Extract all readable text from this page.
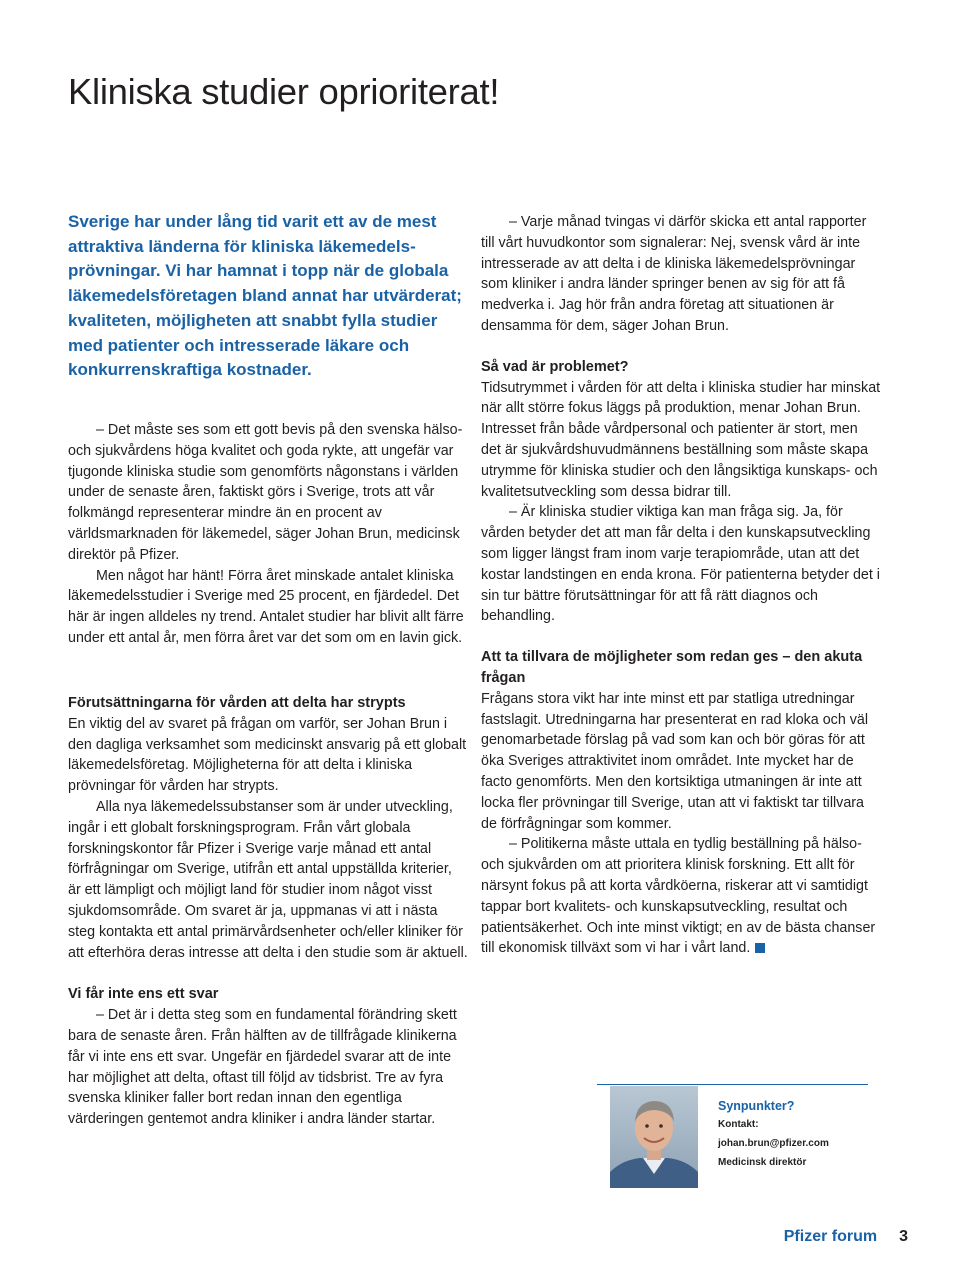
Kliniska studier oprioriterat!

Sverige har under lång tid varit ett av de mest attraktiva länderna för kliniska läkemedelsprövningar. Vi har hamnat i topp när de globala läkemedelsföretagen bland annat har utvärderat; kvaliteten, möjligheten att snabbt fylla studier med patienter och intresserade läkare och konkurrenskraftiga kostnader.

– Det måste ses som ett gott bevis på den svenska hälso- och sjukvårdens höga kvalitet och goda rykte, att ungefär var tjugonde kliniska studie som genomförts någonstans i världen under de senaste åren, faktiskt görs i Sverige, trots att vår folkmängd representerar mindre än en procent av världsmarknaden för läkemedel, säger Johan Brun, medicinsk direktör på Pfizer.

Men något har hänt! Förra året minskade antalet kliniska läkemedelsstudier i Sverige med 25 procent, en fjärdedel. Det här är ingen alldeles ny trend. Antalet studier har blivit allt färre under ett antal år, men förra året var det som om en lavin gick.

Förutsättningarna för vården att delta har strypts

En viktig del av svaret på frågan om varför, ser Johan Brun i den dagliga verksamhet som medicinskt ansvarig på ett globalt läkemedelsföretag. Möjligheterna för att delta i kliniska prövningar för vården har strypts.

Alla nya läkemedelssubstanser som är under utveckling, ingår i ett globalt forskningsprogram. Från vårt globala forskningskontor får Pfizer i Sverige varje månad ett antal förfrågningar om Sverige, utifrån ett antal uppställda kriterier, är ett lämpligt och möjligt land för studier inom något visst sjukdomsområde. Om svaret är ja, uppmanas vi att i nästa steg kontakta ett antal primärvårdsenheter och/eller kliniker för att efterhöra deras intresse att delta i den studie som är aktuell.

Vi får inte ens ett svar

– Det är i detta steg som en fundamental förändring skett bara de senaste åren. Från hälften av de tillfrågade klinikerna får vi inte ens ett svar. Ungefär en fjärdedel svarar att de inte har möjlighet att delta, oftast till följd av tidsbrist. Tre av fyra svenska kliniker faller bort redan innan den egentliga värderingen gentemot andra kliniker i andra länder startar.

– Varje månad tvingas vi därför skicka ett antal rapporter till vårt huvudkontor som signalerar: Nej, svensk vård är inte intresserade av att delta i de kliniska läkemedelsprövningar som kliniker i andra länder springer benen av sig för att få medverka i. Jag hör från andra företag att situationen är densamma för dem, säger Johan Brun.

Så vad är problemet?

Tidsutrymmet i vården för att delta i kliniska studier har minskat när allt större fokus läggs på produktion, menar Johan Brun. Intresset från både vårdpersonal och patienter är stort, men det är sjukvårdshuvudmännens beställning som måste skapa utrymme för kliniska studier och den långsiktiga kunskaps- och kvalitetsutveckling som dessa bidrar till.

– Är kliniska studier viktiga kan man fråga sig. Ja, för vården betyder det att man får delta i den kunskapsutveckling som ligger längst fram inom varje terapiområde, utan att det kostar landstingen en enda krona. För patienterna betyder det i sin tur bättre förutsättningar för att få rätt diagnos och behandling.

Att ta tillvara de möjligheter som redan ges – den akuta frågan

Frågans stora vikt har inte minst ett par statliga utredningar fastslagit. Utredningarna har presenterat en rad kloka och väl genomarbetade förslag på vad som kan och bör göras för att öka Sveriges attraktivitet inom området. Inte mycket har de facto genomförts. Men den kortsiktiga utmaningen är inte att locka fler prövningar till Sverige, utan att vi faktiskt tar tillvara de förfrågningar som kommer.

– Politikerna måste uttala en tydlig beställning på hälso- och sjukvården om att prioritera klinisk forskning. Ett allt för närsynt fokus på att korta vårdköerna, riskerar att vi samtidigt tappar bort kvalitets- och kunskapsutveckling, resultat och patientsäkerhet. Och inte minst viktigt; en av de bästa chanser till ekonomisk tillväxt som vi har i vårt land.

Synpunkter?
Kontakt:
johan.brun@pfizer.com
Medicinsk direktör
Pfizer forum 3
